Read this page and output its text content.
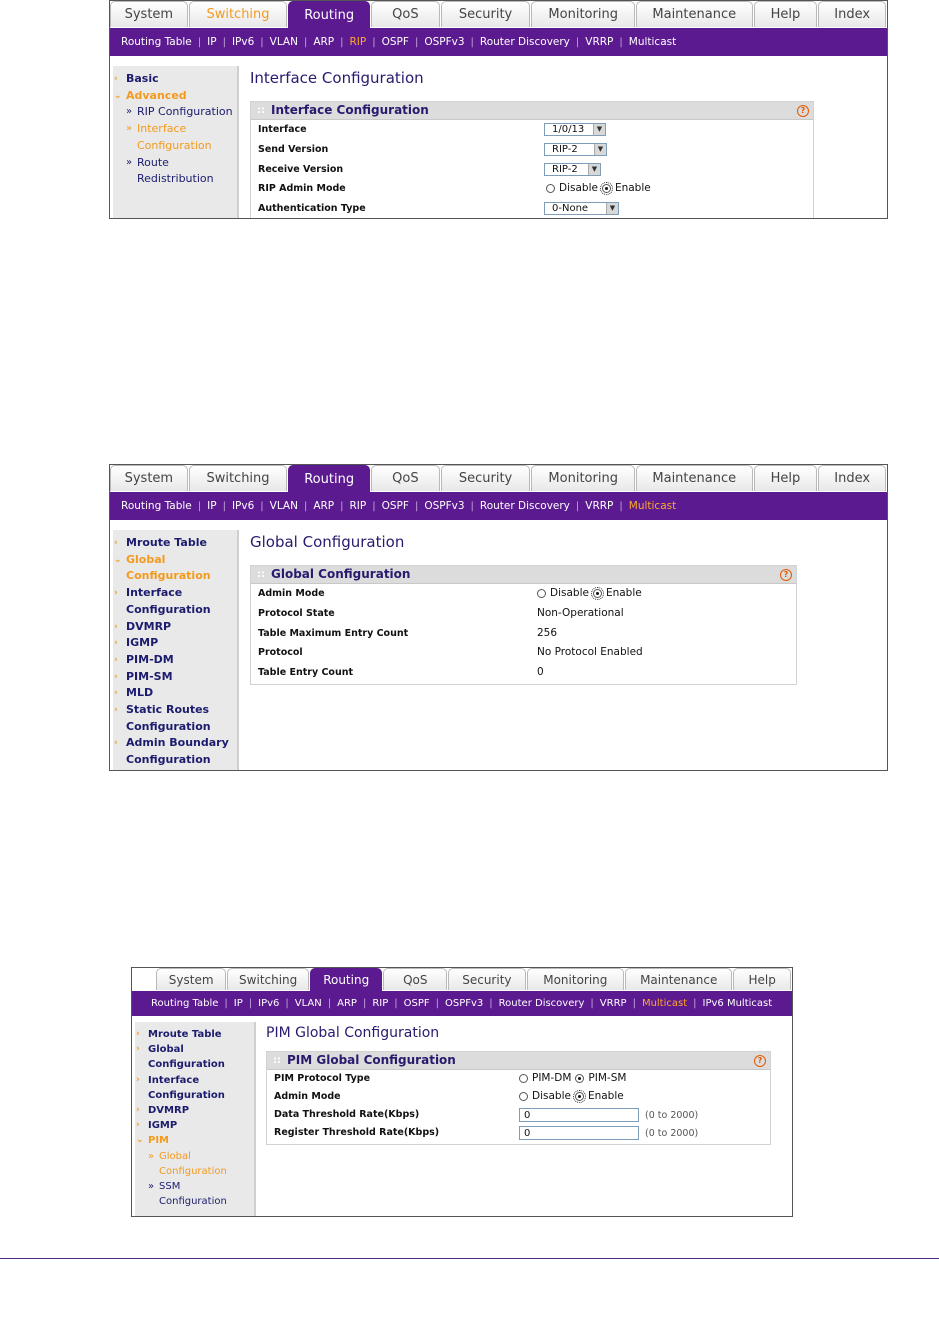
System	Switching	Routing	QoS	Security	Monitoring	Maintenance	Help	Index
Routing Table | IP | IPv6 | VLAN | ARP | RIP | OSPF | OSPFv3 | Router Discovery | VRRP | Multicast
› Basic
⌄ Advanced
» RIP Configuration
» Interface
Configuration
» Route
Redistribution
Interface Configuration
:: Interface Configuration	?
Interface	1/0/13	▼
Send Version	RIP-2	▼
Receive Version	RIP-2	▼
RIP Admin Mode	Disable Enable
Authentication Type	0-None	▼
System	Switching	Routing	QoS	Security	Monitoring	Maintenance	Help	Index
Routing Table | IP | IPv6 | VLAN | ARP | RIP | OSPF | OSPFv3 | Router Discovery | VRRP | Multicast
› Mroute Table
⌄ Global
Configuration
› Interface
Configuration
› DVMRP
› IGMP
› PIM-DM
› PIM-SM
› MLD
› Static Routes
Configuration
› Admin Boundary
Configuration
Global Configuration
:: Global Configuration	?
Admin Mode	Disable Enable
Protocol State	Non-Operational
Table Maximum Entry Count	256
Protocol	No Protocol Enabled
Table Entry Count	0
System	Switching	Routing	QoS	Security	Monitoring	Maintenance	Help
Routing Table | IP | IPv6 | VLAN | ARP | RIP | OSPF | OSPFv3 | Router Discovery | VRRP | Multicast | IPv6 Multicast
› Mroute Table
› Global
Configuration
› Interface
Configuration
› DVMRP
› IGMP
⌄ PIM
» Global
Configuration
» SSM
Configuration
PIM Global Configuration
:: PIM Global Configuration	?
PIM Protocol Type	PIM-DM PIM-SM
Admin Mode	Disable Enable
Data Threshold Rate(Kbps)	0	(0 to 2000)
Register Threshold Rate(Kbps)	0	(0 to 2000)
